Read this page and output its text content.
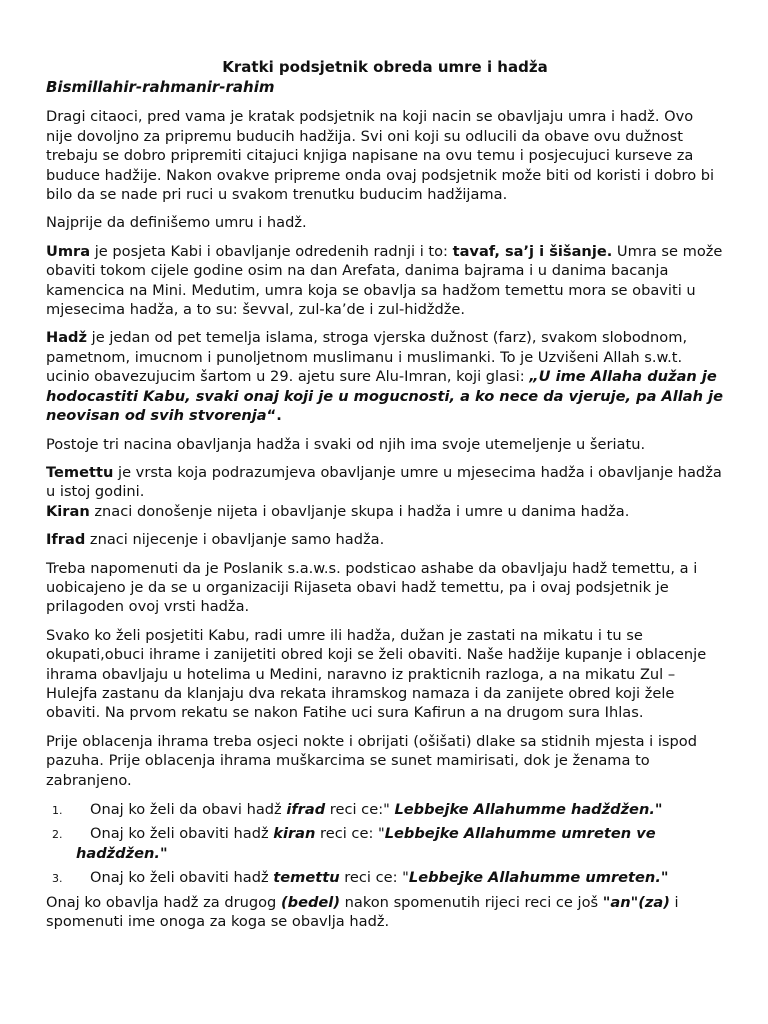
Kratki podsjetnik obreda umre i hadža

Bismillahir-rahmanir-rahim

Dragi citaoci, pred vama je kratak podsjetnik na koji nacin se obavljaju umra i hadž. Ovo nije dovoljno za pripremu buducih hadžija. Svi oni koji su odlucili da obave ovu dužnost trebaju se dobro pripremiti citajuci knjiga napisane na ovu temu i posjecujuci kurseve za buduce hadžije. Nakon ovakve pripreme onda ovaj podsjetnik može biti od koristi i dobro bi bilo da se nade pri ruci u svakom trenutku buducim hadžijama.

Najprije da definišemo umru i hadž.

Umra je posjeta Kabi i obavljanje odredenih radnji i to: tavaf, sa’j i šišanje. Umra se može obaviti tokom cijele godine osim na dan Arefata, danima bajrama i u danima bacanja kamencica na Mini. Medutim, umra koja se obavlja sa hadžom temettu mora se obaviti u mjesecima hadža, a to su: ševval, zul-ka’de i zul-hidždže.

Hadž je jedan od pet temelja islama, stroga vjerska dužnost (farz), svakom slobodnom, pametnom, imucnom i punoljetnom muslimanu i muslimanki. To je Uzvišeni Allah s.w.t. ucinio obavezujucim šartom u 29. ajetu sure Alu-Imran, koji glasi: „U ime Allaha dužan je hodocastiti Kabu, svaki onaj koji je u mogucnosti, a ko nece da vjeruje, pa Allah je neovisan od svih stvorenja“.

Postoje tri nacina obavljanja hadža i svaki od njih ima svoje utemeljenje u šeriatu.

Temettu je vrsta koja podrazumjeva obavljanje umre u mjesecima hadža i obavljanje hadža u istoj godini.

Kiran znaci donošenje nijeta i obavljanje skupa i hadža i umre u danima hadža.

Ifrad znaci nijecenje i obavljanje samo hadža.

Treba napomenuti da je Poslanik s.a.w.s. podsticao ashabe da obavljaju hadž temettu, a i uobicajeno je da se u organizaciji Rijaseta obavi hadž temettu, pa i ovaj podsjetnik je prilagoden ovoj vrsti hadža.

Svako ko želi posjetiti Kabu, radi umre ili hadža, dužan je zastati na mikatu i tu se okupati,obuci ihrame i zanijetiti obred koji se želi obaviti. Naše hadžije kupanje i oblacenje ihrama obavljaju u hotelima u Medini, naravno iz prakticnih razloga, a na mikatu Zul – Hulejfa zastanu da klanjaju dva rekata ihramskog namaza i da zanijete obred koji žele obaviti. Na prvom rekatu se nakon Fatihe uci sura Kafirun a na drugom sura Ihlas.

Prije oblacenja ihrama treba osjeci nokte i obrijati (ošišati) dlake sa stidnih mjesta i ispod pazuha. Prije oblacenja ihrama muškarcima se sunet mamirisati, dok je ženama to zabranjeno.

1. Onaj ko želi da obavi hadž ifrad reci ce:" Lebbejke Allahumme hadždžen."
2. Onaj ko želi obaviti hadž kiran reci ce: "Lebbejke Allahumme umreten ve hadždžen."
3. Onaj ko želi obaviti hadž temettu reci ce: "Lebbejke Allahumme umreten."

Onaj ko obavlja hadž za drugog (bedel) nakon spomenutih rijeci reci ce još "an"(za) i spomenuti ime onoga za koga se obavlja hadž.
